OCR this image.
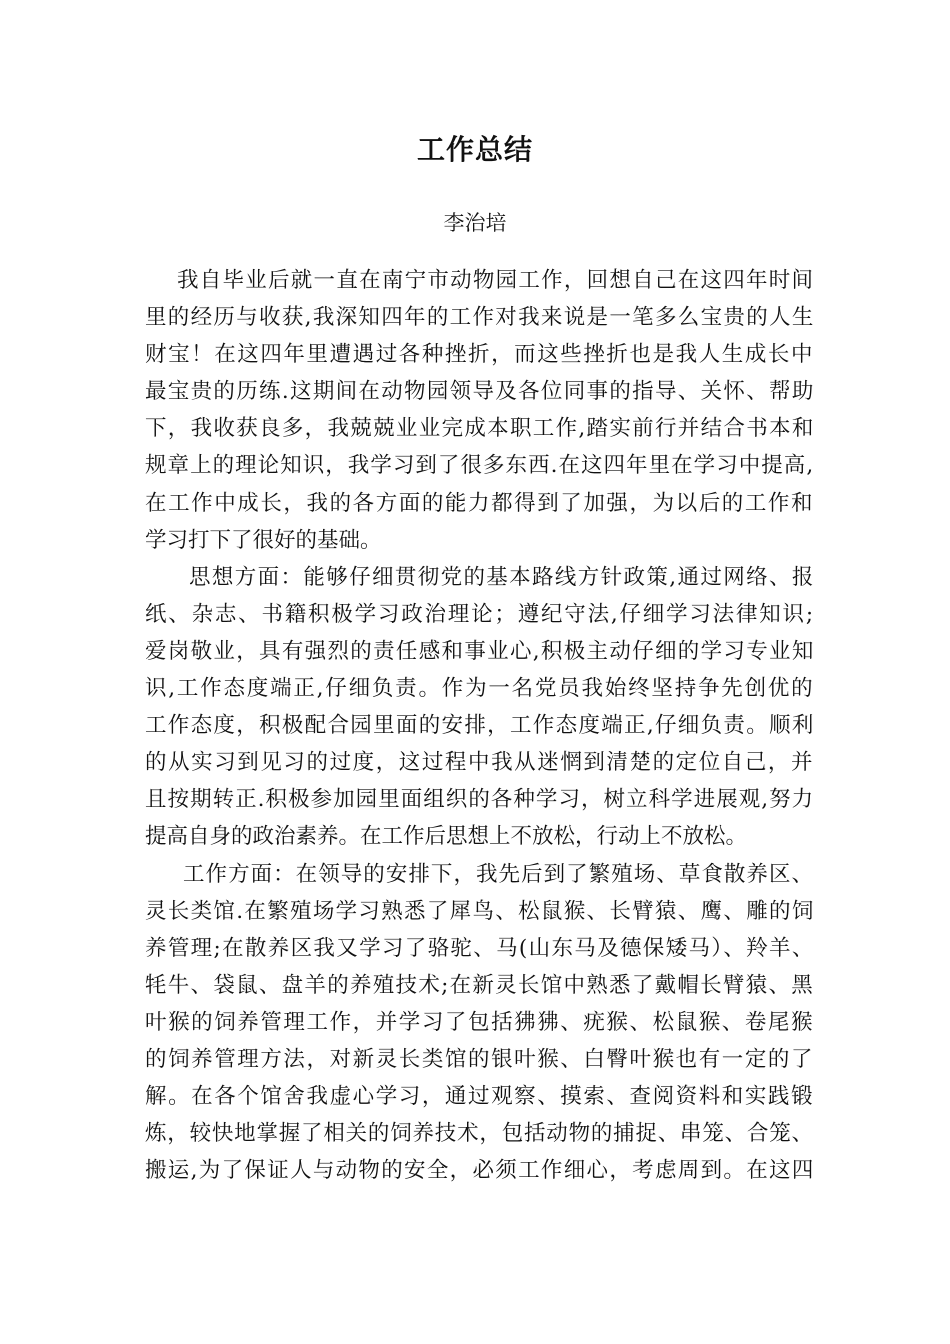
工作总结
李治培
我自毕业后就一直在南宁市动物园工作，回想自己在这四年时间
里的经历与收获,我深知四年的工作对我来说是一笔多么宝贵的人生
财宝！在这四年里遭遇过各种挫折，而这些挫折也是我人生成长中
最宝贵的历练.这期间在动物园领导及各位同事的指导、关怀、帮助
下，我收获良多，我兢兢业业完成本职工作,踏实前行并结合书本和
规章上的理论知识，我学习到了很多东西.在这四年里在学习中提高,
在工作中成长，我的各方面的能力都得到了加强，为以后的工作和
学习打下了很好的基础。
思想方面：能够仔细贯彻党的基本路线方针政策,通过网络、报
纸、杂志、书籍积极学习政治理论；遵纪守法,仔细学习法律知识;
爱岗敬业，具有强烈的责任感和事业心,积极主动仔细的学习专业知
识,工作态度端正,仔细负责。作为一名党员我始终坚持争先创优的
工作态度，积极配合园里面的安排，工作态度端正,仔细负责。顺利
的从实习到见习的过度，这过程中我从迷惘到清楚的定位自己，并
且按期转正.积极参加园里面组织的各种学习，树立科学进展观,努力
提高自身的政治素养。在工作后思想上不放松，行动上不放松。
工作方面：在领导的安排下，我先后到了繁殖场、草食散养区、
灵长类馆.在繁殖场学习熟悉了犀鸟、松鼠猴、长臂猿、鹰、雕的饲
养管理;在散养区我又学习了骆驼、马(山东马及德保矮马）、羚羊、
牦牛、袋鼠、盘羊的养殖技术;在新灵长馆中熟悉了戴帽长臂猿、黑
叶猴的饲养管理工作，并学习了包括狒狒、疣猴、松鼠猴、卷尾猴
的饲养管理方法，对新灵长类馆的银叶猴、白臀叶猴也有一定的了
解。在各个馆舍我虚心学习，通过观察、摸索、查阅资料和实践锻
炼，较快地掌握了相关的饲养技术，包括动物的捕捉、串笼、合笼、
搬运,为了保证人与动物的安全，必须工作细心，考虑周到。在这四
